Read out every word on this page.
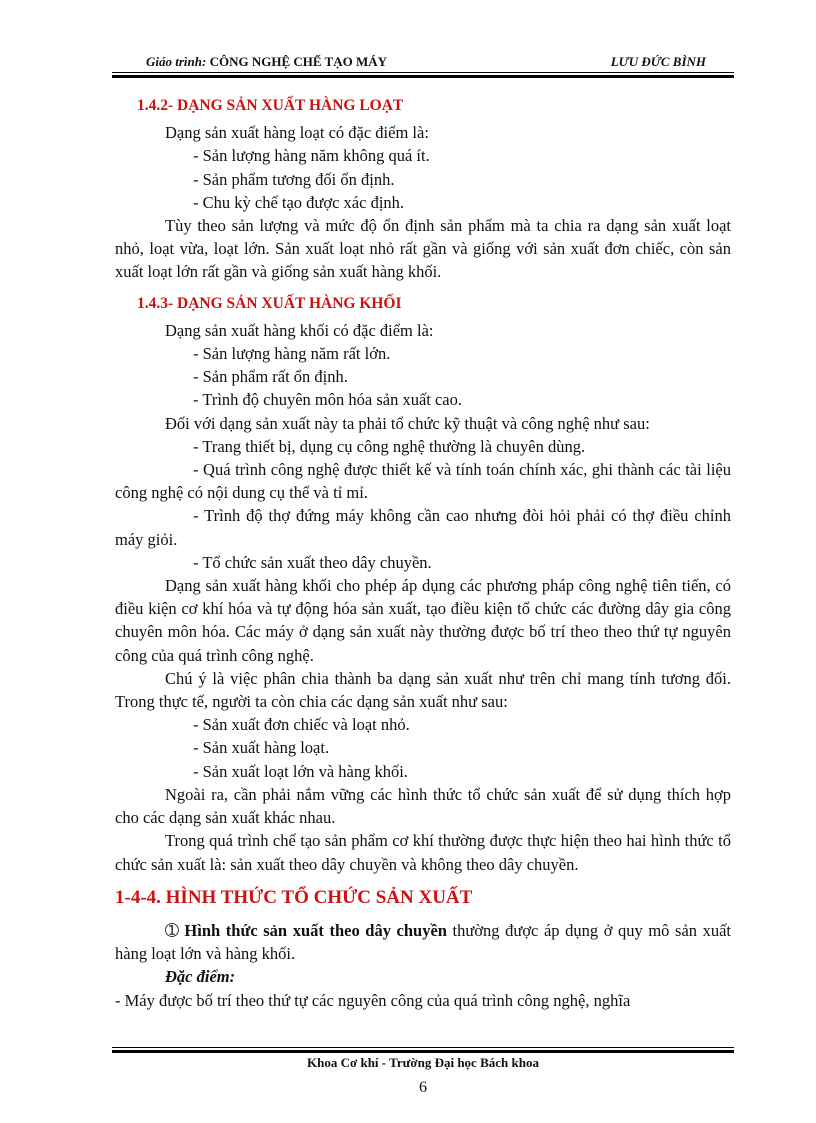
Giáo trình: CÔNG NGHỆ CHẾ TẠO MÁY	LƯU ĐỨC BÌNH

1.4.2- DẠNG SẢN XUẤT HÀNG LOẠT

Dạng sản xuất hàng loạt có đặc điểm là:

- Sản lượng hàng năm không quá ít.

- Sản phẩm tương đối ổn định.

- Chu kỳ chế tạo được xác định.

Tùy theo sản lượng và mức độ ổn định sản phẩm mà ta chia ra dạng sản xuất loạt nhỏ, loạt vừa, loạt lớn. Sản xuất loạt nhỏ rất gần và giống với sản xuất đơn chiếc, còn sản xuất loạt lớn rất gần và giống sản xuất hàng khối.

1.4.3- DẠNG SẢN XUẤT HÀNG KHỐI

Dạng sản xuất hàng khối có đặc điểm là:

- Sản lượng hàng năm rất lớn.

- Sản phẩm rất ổn định.

- Trình độ chuyên môn hóa sản xuất cao.

Đối với dạng sản xuất này ta phải tổ chức kỹ thuật và công nghệ như sau:

- Trang thiết bị, dụng cụ công nghệ thường là chuyên dùng.

- Quá trình công nghệ được thiết kế và tính toán chính xác, ghi thành các tài liệu công nghệ có nội dung cụ thể và tỉ mỉ.

- Trình độ thợ đứng máy không cần cao nhưng đòi hỏi phải có thợ điều chỉnh máy giỏi.

- Tổ chức sản xuất theo dây chuyền.

Dạng sản xuất hàng khối cho phép áp dụng các phương pháp công nghệ tiên tiến, có điều kiện cơ khí hóa và tự động hóa sản xuất, tạo điều kiện tổ chức các đường dây gia công chuyên môn hóa. Các máy ở dạng sản xuất này thường được bố trí theo theo thứ tự nguyên công của quá trình công nghệ.

Chú ý là việc phân chia thành ba dạng sản xuất như trên chỉ mang tính tương đối. Trong thực tế, người ta còn chia các dạng sản xuất như sau:

- Sản xuất đơn chiếc và loạt nhỏ.

- Sản xuất hàng loạt.

- Sản xuất loạt lớn và hàng khối.

Ngoài ra, cần phải nắm vững các hình thức tổ chức sản xuất để sử dụng thích hợp cho các dạng sản xuất khác nhau.

Trong quá trình chế tạo sản phẩm cơ khí thường được thực hiện theo hai hình thức tổ chức sản xuất là: sản xuất theo dây chuyền và không theo dây chuyền.

1-4-4. HÌNH THỨC TỔ CHỨC SẢN XUẤT

➀ Hình thức sản xuất theo dây chuyền thường được áp dụng ở quy mô sản xuất hàng loạt lớn và hàng khối.

Đặc điểm:

- Máy được bố trí theo thứ tự các nguyên công của quá trình công nghệ, nghĩa

Khoa Cơ khí - Trường Đại học Bách khoa
6
